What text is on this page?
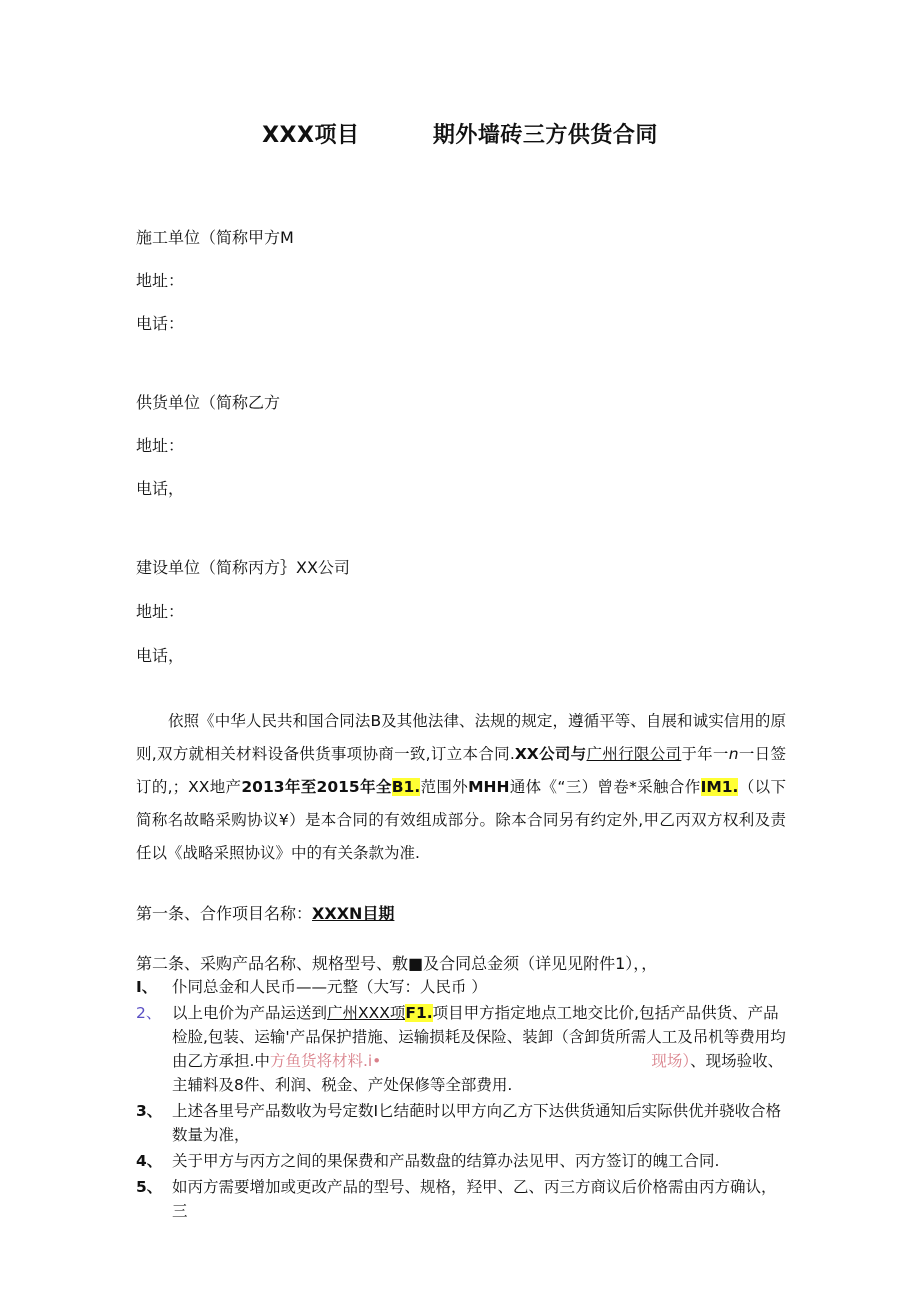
XXX项目         期外墙砖三方供货合同
施工单位（简称甲方M
地址：
电话：
供货单位（简称乙方
地址：
电话，
建设单位（简称丙方｝XX公司
地址：
电话，
依照《中华人民共和国合同法B及其他法律、法规的规定，遵循平等、自展和诚实信用的原则,双方就相关材料设备供货事项协商一致,订立本合同.XX公司与广州行限公司于年一n一日签订的,；XX地产2013年至2015年全B1.范围外MHH通体《“三）曾卷*采触合作IM1.（以下简称名故略采购协议¥）是本合同的有效组成部分。除本合同另有约定外,甲乙丙双方权利及责任以《战略采照协议》中的有关条款为准.
第一条、合作项目名称：XXXN目期
第二条、采购产品名称、规格型号、敷■及合同总金须（详见见附件1），，
I、 仆同总金和人民币——元整（大写：人民币 ）
2、 以上电价为产品运送到广州XXX项F1.项目甲方指定地点工地交比价,包括产品供货、产品检脸,包装、运输'产品保护措施、运输损耗及保险、装卸（含卸货所需人工及吊机等费用均由乙方承担.中方鱼货将材料.i•	现场）、现场验收、主辅料及8件、利润、税金、产处保修等全部费用.
3、 上述各里号产品数收为号定数I匕结葩时以甲方向乙方下达供货通知后实际供优并骁收合格数量为准，
4、 关于甲方与丙方之间的果保费和产品数盘的结算办法见甲、丙方签订的魄工合同.
5、 如丙方需要增加或更改产品的型号、规格，羟甲、乙、丙三方商议后价格需由丙方确认，三
